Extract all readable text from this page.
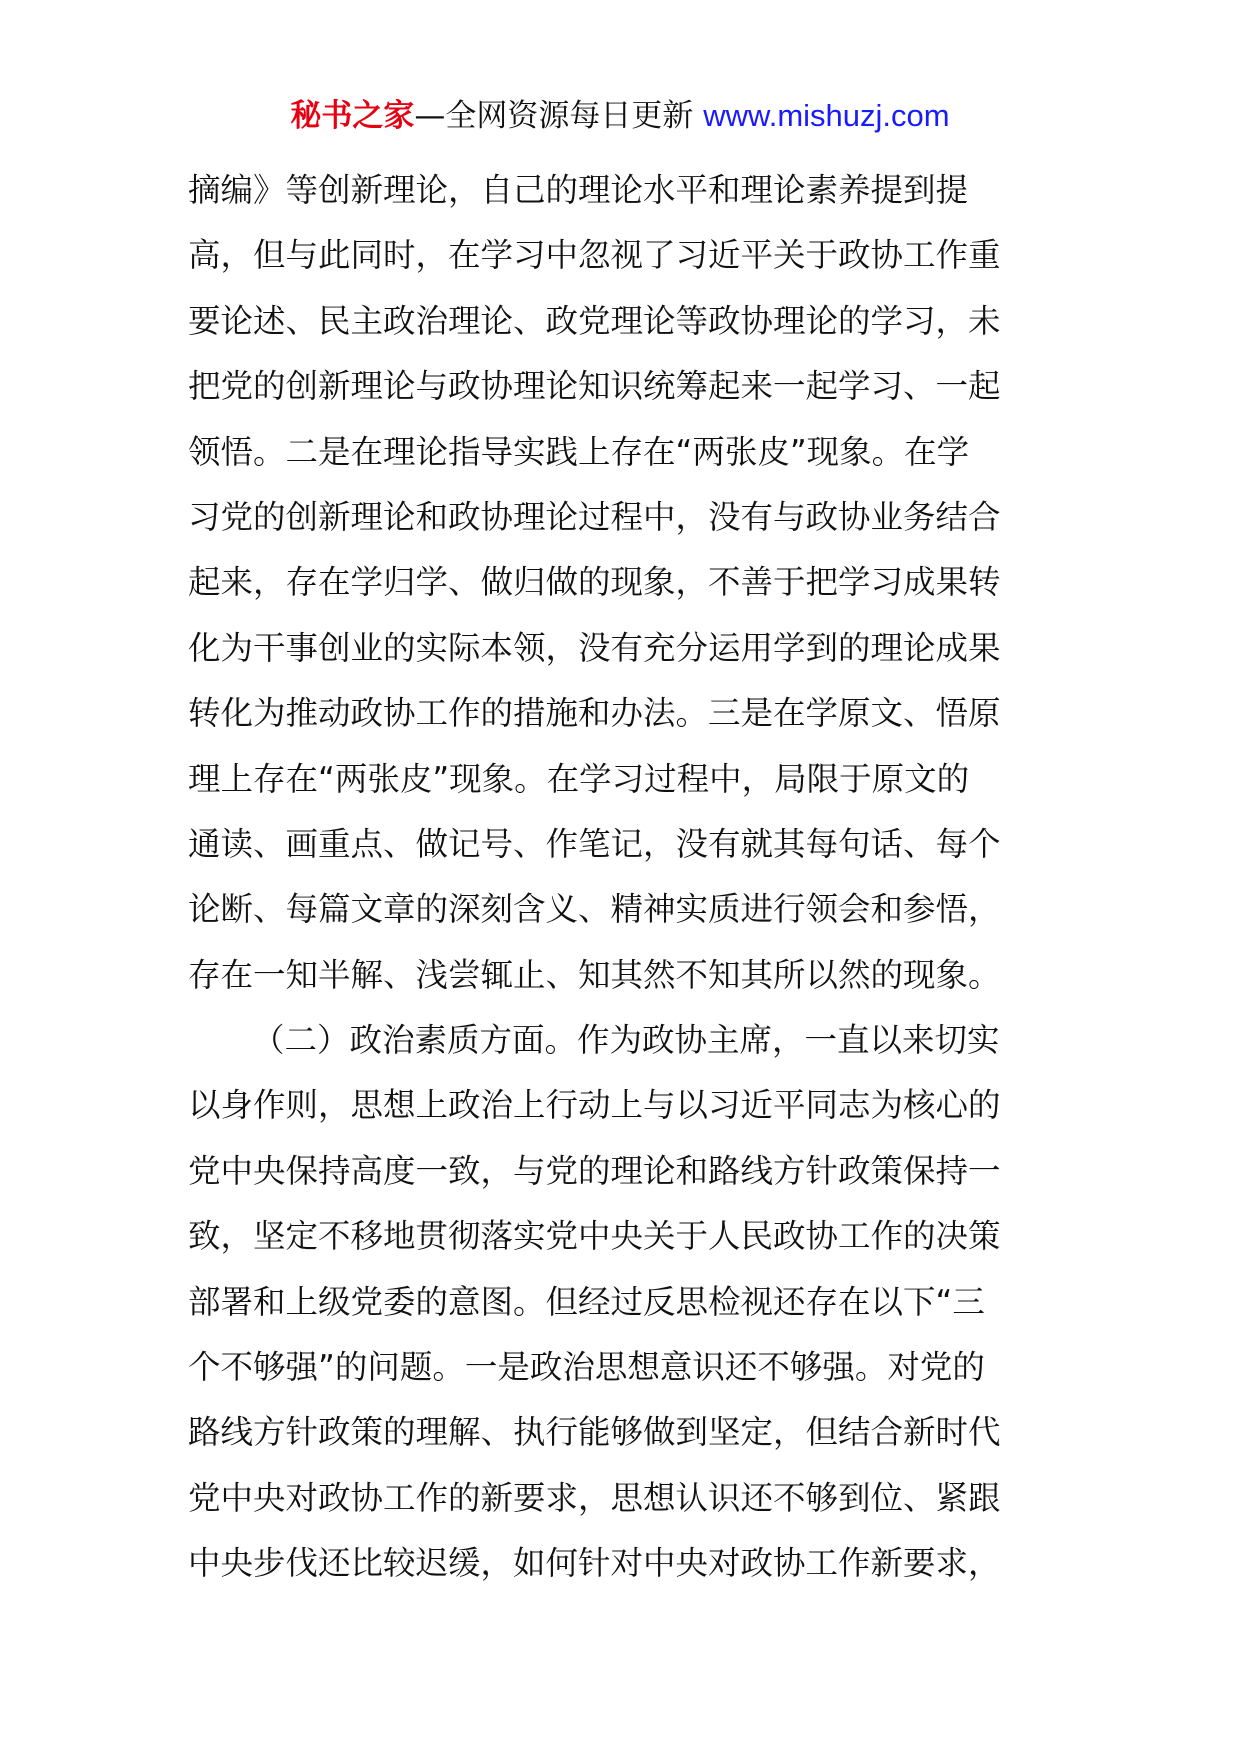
秘书之家—全网资源每日更新 www.mishuzj.com
摘编》等创新理论，自己的理论水平和理论素养提到提
高，但与此同时，在学习中忽视了习近平关于政协工作重
要论述、民主政治理论、政党理论等政协理论的学习，未
把党的创新理论与政协理论知识统筹起来一起学习、一起
领悟。二是在理论指导实践上存在“两张皮”现象。在学
习党的创新理论和政协理论过程中，没有与政协业务结合
起来，存在学归学、做归做的现象，不善于把学习成果转
化为干事创业的实际本领，没有充分运用学到的理论成果
转化为推动政协工作的措施和办法。三是在学原文、悟原
理上存在“两张皮”现象。在学习过程中，局限于原文的
通读、画重点、做记号、作笔记，没有就其每句话、每个
论断、每篇文章的深刻含义、精神实质进行领会和参悟，
存在一知半解、浅尝辄止、知其然不知其所以然的现象。
（二）政治素质方面。作为政协主席，一直以来切实
以身作则，思想上政治上行动上与以习近平同志为核心的
党中央保持高度一致，与党的理论和路线方针政策保持一
致，坚定不移地贯彻落实党中央关于人民政协工作的决策
部署和上级党委的意图。但经过反思检视还存在以下“三
个不够强”的问题。一是政治思想意识还不够强。对党的
路线方针政策的理解、执行能够做到坚定，但结合新时代
党中央对政协工作的新要求，思想认识还不够到位、紧跟
中央步伐还比较迟缓，如何针对中央对政协工作新要求，
